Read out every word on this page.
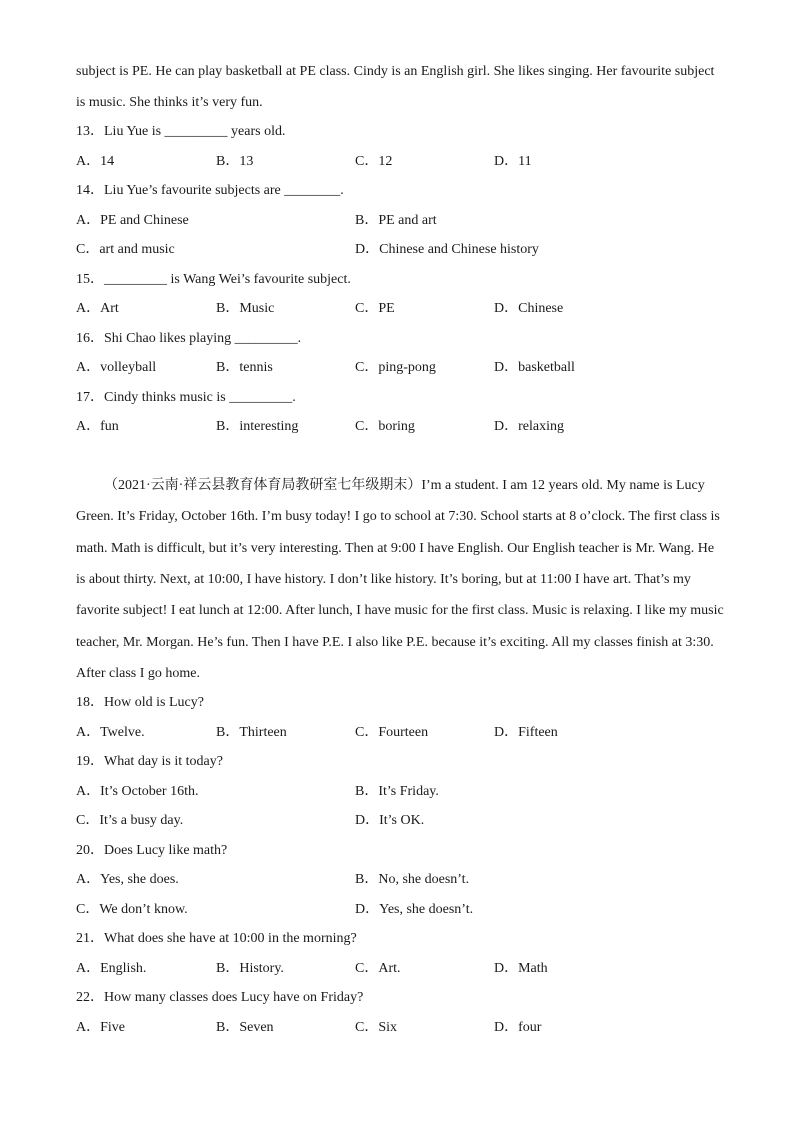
subject is PE. He can play basketball at PE class. Cindy is an English girl. She likes singing. Her favourite subject
is music. She thinks it’s very fun.
13．Liu Yue is _________ years old.
A．14	B．13	C．12	D．11
14．Liu Yue’s favourite subjects are ________.
A．PE and Chinese	B．PE and art
C．art and music	D．Chinese and Chinese history
15．_________ is Wang Wei’s favourite subject.
A．Art	B．Music	C．PE	D．Chinese
16．Shi Chao likes playing _________.
A．volleyball	B．tennis	C．ping-pong	D．basketball
17．Cindy thinks music is _________.
A．fun	B．interesting	C．boring	D．relaxing
（2021·云南·祥云县教育体育局教研室七年级期末）I’m a student. I am 12 years old. My name is Lucy
Green. It’s Friday, October 16th. I’m busy today! I go to school at 7:30. School starts at 8 o’clock. The first class is
math. Math is difficult, but it’s very interesting. Then at 9:00 I have English. Our English teacher is Mr. Wang. He
is about thirty. Next, at 10:00, I have history. I don’t like history. It’s boring, but at 11:00 I have art. That’s my
favorite subject! I eat lunch at 12:00. After lunch, I have music for the first class. Music is relaxing. I like my music
teacher, Mr. Morgan. He’s fun. Then I have P.E. I also like P.E. because it’s exciting. All my classes finish at 3:30.
After class I go home.
18．How old is Lucy?
A．Twelve.	B．Thirteen	C．Fourteen	D．Fifteen
19．What day is it today?
A．It’s October 16th.	B．It’s Friday.
C．It’s a busy day.	D．It’s OK.
20．Does Lucy like math?
A．Yes, she does.	B．No, she doesn’t.
C．We don’t know.	D．Yes, she doesn’t.
21．What does she have at 10:00 in the morning?
A．English.	B．History.	C．Art.	D．Math
22．How many classes does Lucy have on Friday?
A．Five	B．Seven	C．Six	D．four
